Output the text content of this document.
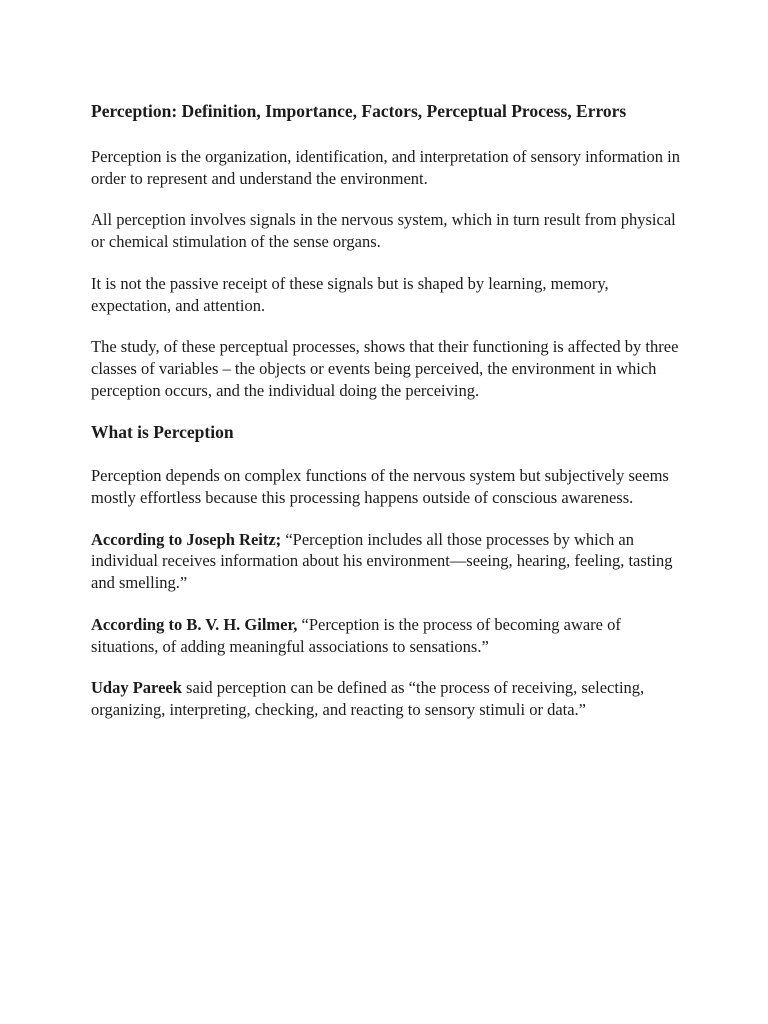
Perception: Definition, Importance, Factors, Perceptual Process, Errors

Perception is the organization, identification, and interpretation of sensory information in order to represent and understand the environment.

All perception involves signals in the nervous system, which in turn result from physical or chemical stimulation of the sense organs.

It is not the passive receipt of these signals but is shaped by learning, memory, expectation, and attention.

The study, of these perceptual processes, shows that their functioning is affected by three classes of variables – the objects or events being perceived, the environment in which perception occurs, and the individual doing the perceiving.

What is Perception

Perception depends on complex functions of the nervous system but subjectively seems mostly effortless because this processing happens outside of conscious awareness.

According to Joseph Reitz; “Perception includes all those processes by which an individual receives information about his environment—seeing, hearing, feeling, tasting and smelling.”

According to B. V. H. Gilmer, “Perception is the process of becoming aware of situations, of adding meaningful associations to sensations.”

Uday Pareek said perception can be defined as “the process of receiving, selecting, organizing, interpreting, checking, and reacting to sensory stimuli or data.”
